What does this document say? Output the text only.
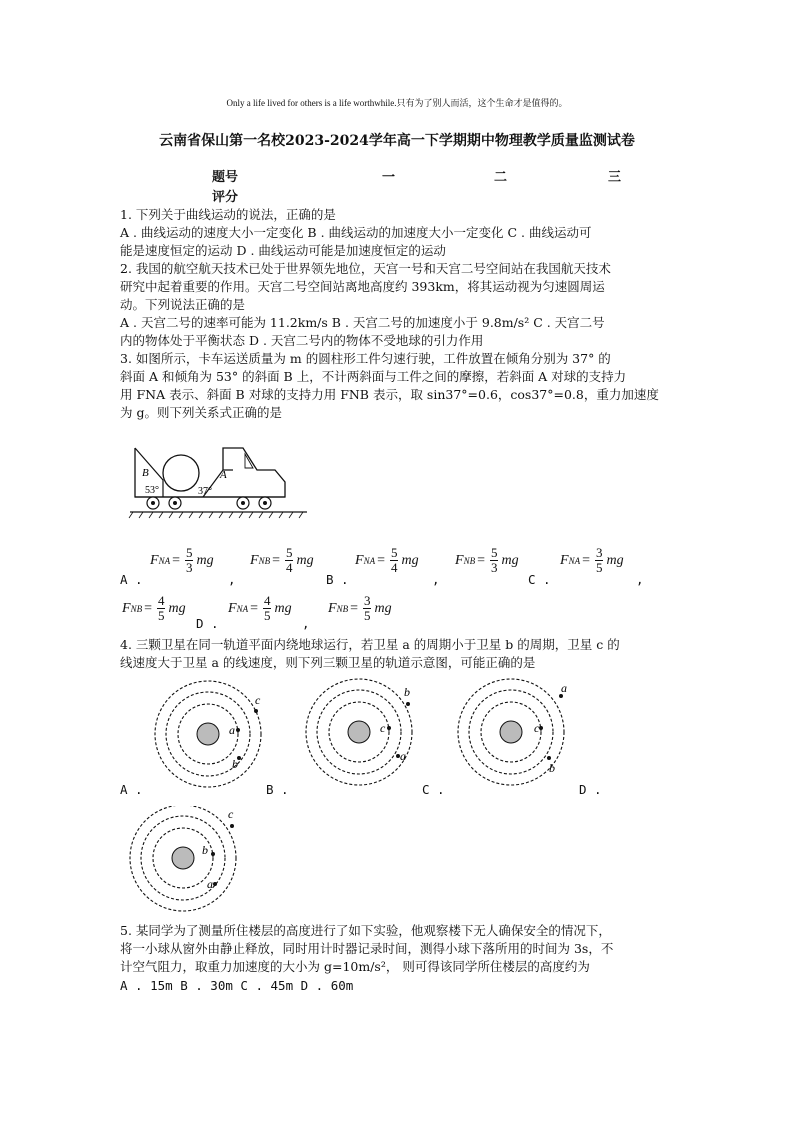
Only a life lived for others is a life worthwhile.只有为了别人而活，这个生命才是值得的。
云南省保山第一名校2023-2024学年高一下学期期中物理教学质量监测试卷
题号	一	二	三
评分
1. 下列关于曲线运动的说法，正确的是
A . 曲线运动的速度大小一定变化 B . 曲线运动的加速度大小一定变化 C . 曲线运动可
能是速度恒定的运动 D . 曲线运动可能是加速度恒定的运动
2. 我国的航空航天技术已处于世界领先地位，天宫一号和天宫二号空间站在我国航天技术
研究中起着重要的作用。天宫二号空间站离地高度约 393km，将其运动视为匀速圆周运
动。下列说法正确的是
A . 天宫二号的速率可能为 11.2km/s B . 天宫二号的加速度小于 9.8m/s² C . 天宫二号
内的物体处于平衡状态 D . 天宫二号内的物体不受地球的引力作用
3. 如图所示，卡车运送质量为 m 的圆柱形工件匀速行驶，工件放置在倾角分别为 37° 的
斜面 A 和倾角为 53° 的斜面 B 上，不计两斜面与工件之间的摩擦，若斜面 A 对球的支持力
用 FNA 表示、斜面 B 对球的支持力用 FNB 表示，取 sin37°=0.6，cos37°=0.8，重力加速度
为 g。则下列关系式正确的是
B	A
53°	37°
A .
F NA = $\frac{5}{3}$ mg
,
F NB = $\frac{5}{4}$ mg
B .
F NA = $\frac{5}{4}$ mg
,
F NB = $\frac{5}{3}$ mg
C .
F NA = $\frac{3}{5}$ mg
,
F NB = $\frac{4}{5}$ mg
D .
F NA = $\frac{4}{5}$ mg
,
F NB = $\frac{3}{5}$ mg
4. 三颗卫星在同一轨道平面内绕地球运行，若卫星 a 的周期小于卫星 b 的周期，卫星 c 的
线速度大于卫星 a 的线速度，则下列三颗卫星的轨道示意图，可能正确的是
a
b
c
c
a
b
c
b
a
b
a
c
A .	B .	C .	D .
5. 某同学为了测量所住楼层的高度进行了如下实验，他观察楼下无人确保安全的情况下，
将一小球从窗外由静止释放，同时用计时器记录时间，测得小球下落所用的时间为 3s，不
计空气阻力，取重力加速度的大小为 g=10m/s²， 则可得该同学所住楼层的高度约为
A . 15m B . 30m C . 45m D . 60m
